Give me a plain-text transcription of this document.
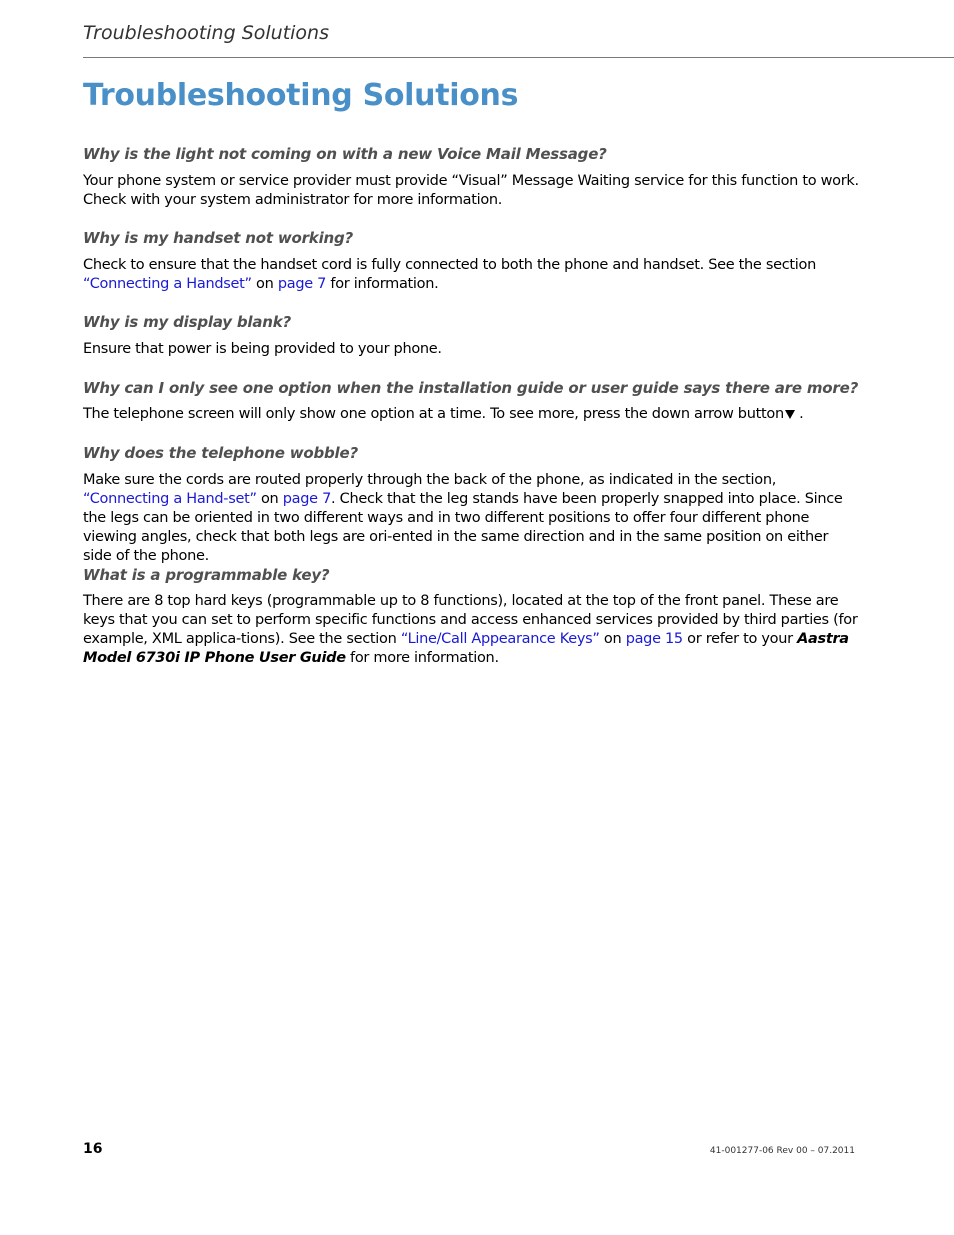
Troubleshooting Solutions
Troubleshooting Solutions

Why is the light not coming on with a new Voice Mail Message?

Your phone system or service provider must provide “Visual” Message Waiting service for this function to work. Check with your system administrator for more information.

Why is my handset not working?

Check to ensure that the handset cord is fully connected to both the phone and handset. See the section “Connecting a Handset” on page 7 for information.

Why is my display blank?

Ensure that power is being provided to your phone.

Why can I only see one option when the installation guide or user guide says there are more?

The telephone screen will only show one option at a time. To see more, press the down arrow button .

Why does the telephone wobble?

Make sure the cords are routed properly through the back of the phone, as indicated in the section, “Connecting a Hand-set” on page 7. Check that the leg stands have been properly snapped into place. Since the legs can be oriented in two different ways and in two different positions to offer four different phone viewing angles, check that both legs are ori-ented in the same direction and in the same position on either side of the phone.

What is a programmable key?

There are 8 top hard keys (programmable up to 8 functions), located at the top of the front panel. These are keys that you can set to perform specific functions and access enhanced services provided by third parties (for example, XML applica-tions). See the section “Line/Call Appearance Keys” on page 15 or refer to your Aastra Model 6730i IP Phone User Guide for more information.

16	41-001277-06 Rev 00 – 07.2011
